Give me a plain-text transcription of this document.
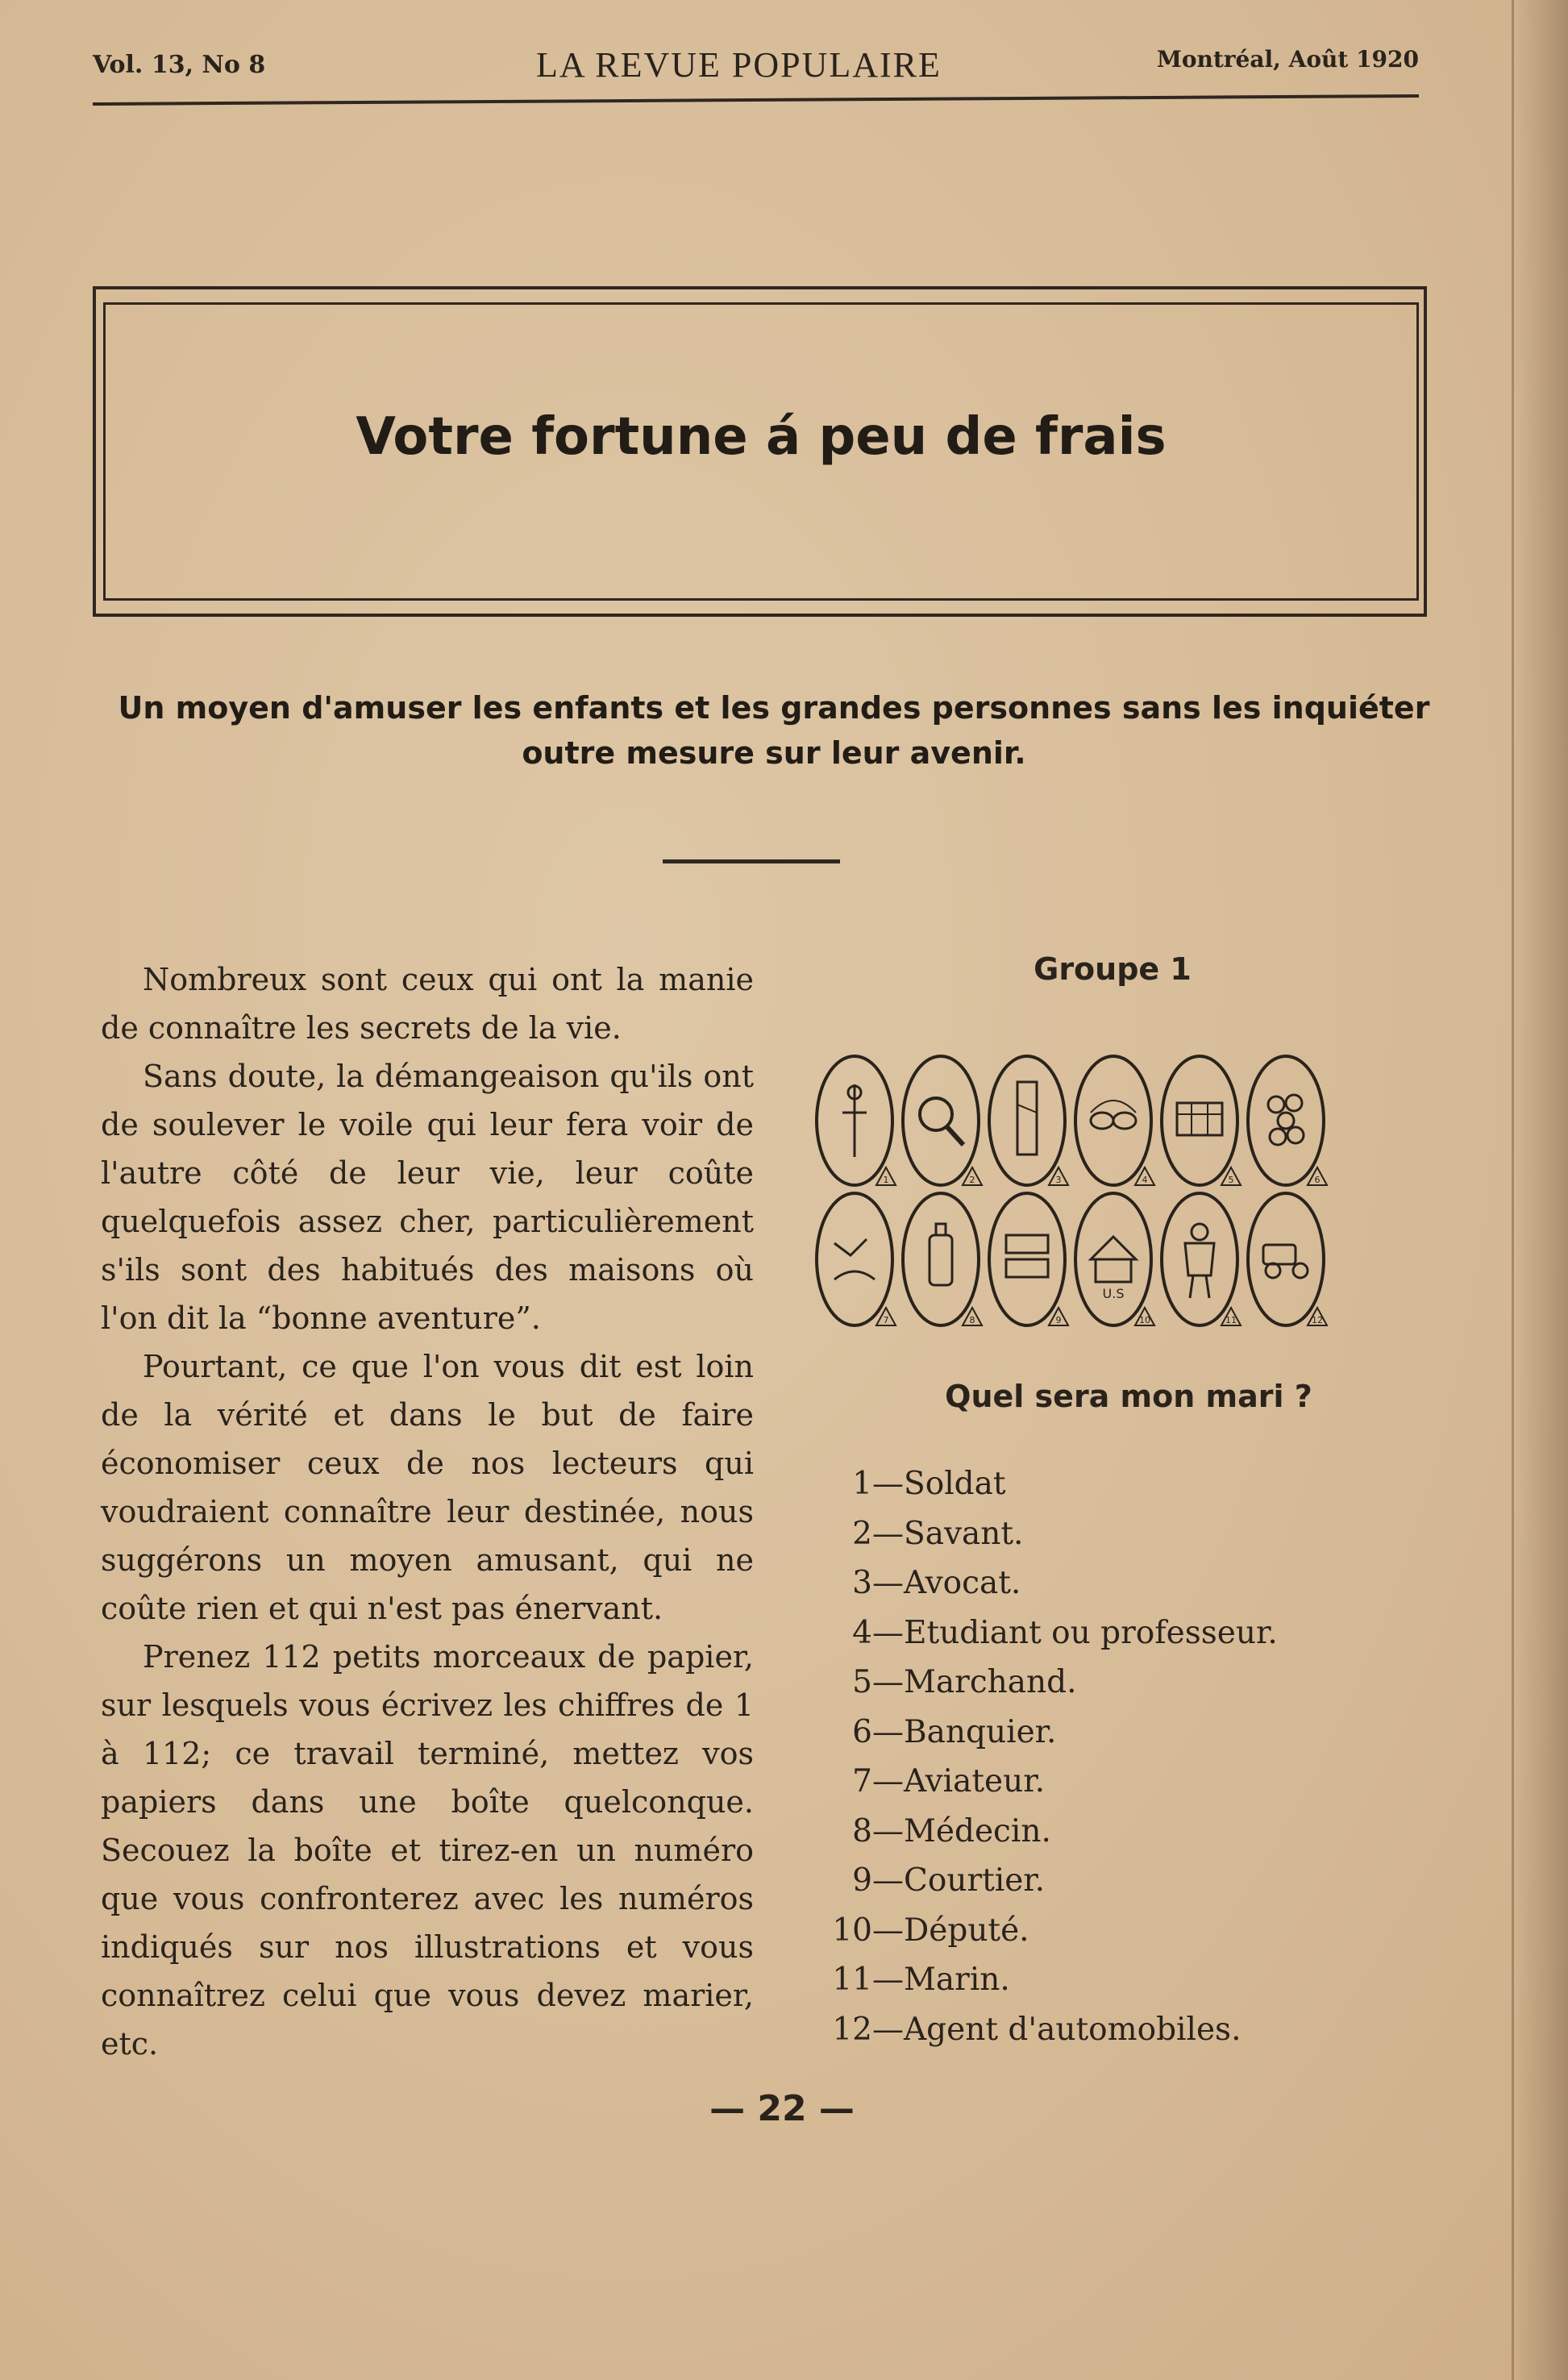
Vol. 13, No 8	LA REVUE POPULAIRE	Montréal, Août 1920
Votre fortune á peu de frais
Un moyen d'amuser les enfants et les grandes personnes sans les inquiéter outre mesure sur leur avenir.

Nombreux sont ceux qui ont la manie de connaître les secrets de la vie.

Sans doute, la démangeaison qu'ils ont de soulever le voile qui leur fera voir de l'autre côté de leur vie, leur coûte quelquefois assez cher, particulièrement s'ils sont des habitués des maisons où l'on dit la “bonne aventure”.

Pourtant, ce que l'on vous dit est loin de la vérité et dans le but de faire économiser ceux de nos lecteurs qui voudraient connaître leur destinée, nous suggérons un moyen amusant, qui ne coûte rien et qui n'est pas énervant.

Prenez 112 petits morceaux de papier, sur lesquels vous écrivez les chiffres de 1 à 112; ce travail terminé, mettez vos papiers dans une boîte quelconque. Secouez la boîte et tirez-en un numéro que vous confronterez avec les numéros indiqués sur nos illustrations et vous connaîtrez celui que vous devez marier, etc.

Groupe 1
1	2	3	4	5	6
7	8	9
U.S
10	11	12
Quel sera mon mari ?
1—Soldat
2—Savant.
3—Avocat.
4—Etudiant ou professeur.
5—Marchand.
6—Banquier.
7—Aviateur.
8—Médecin.
9—Courtier.
10—Député.
11—Marin.
12—Agent d'automobiles.
— 22 —
